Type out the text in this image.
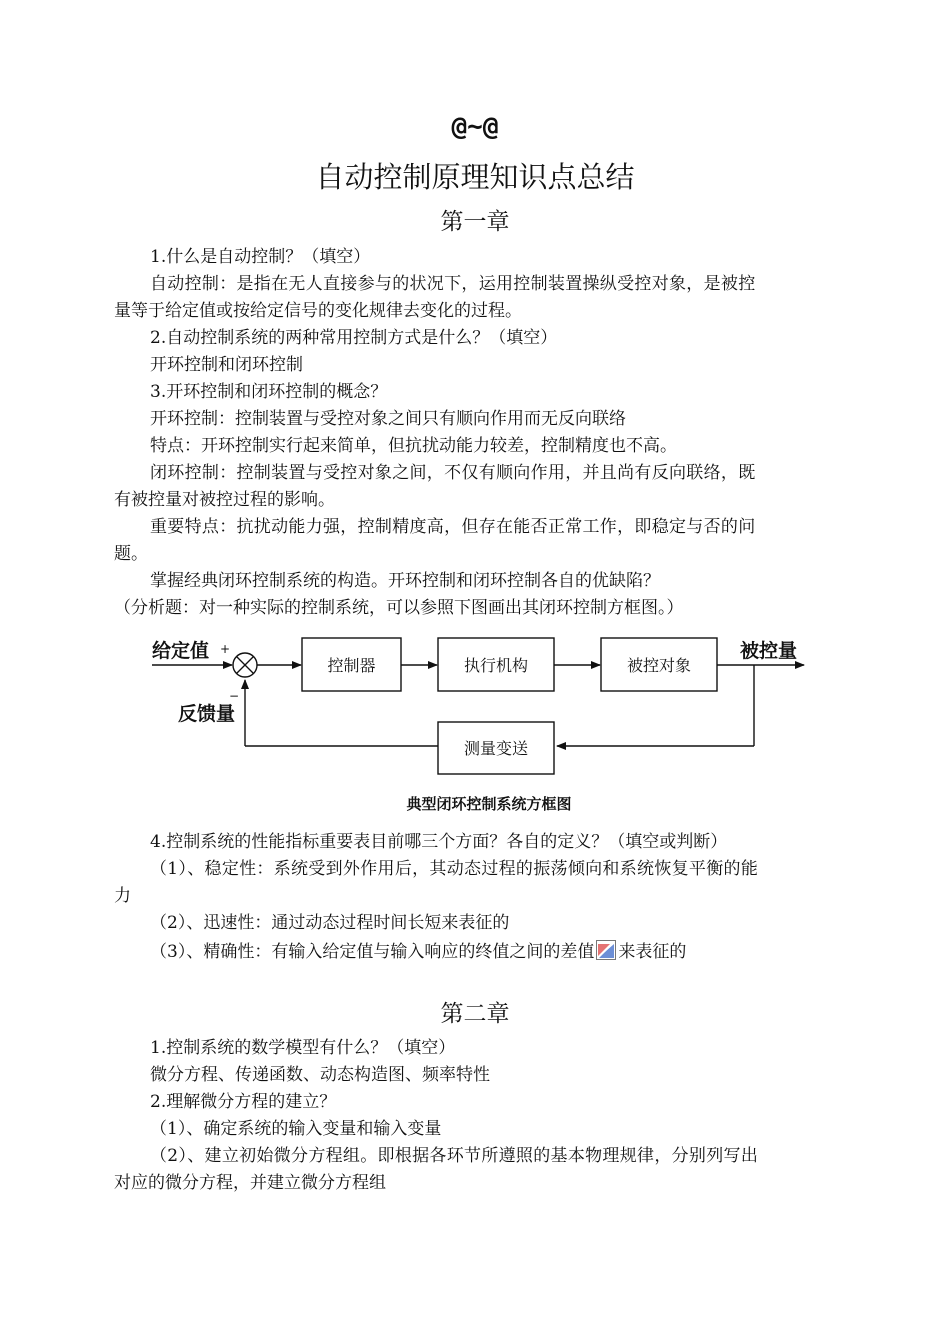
@~@
自动控制原理知识点总结
第一章
1.什么是自动控制？（填空）
自动控制：是指在无人直接参与的状况下，运用控制装置操纵受控对象，是被控
量等于给定值或按给定信号的变化规律去变化的过程。
2.自动控制系统的两种常用控制方式是什么？（填空）
开环控制和闭环控制
3.开环控制和闭环控制的概念？
开环控制：控制装置与受控对象之间只有顺向作用而无反向联络
特点：开环控制实行起来简单，但抗扰动能力较差，控制精度也不高。
闭环控制：控制装置与受控对象之间，不仅有顺向作用，并且尚有反向联络，既
有被控量对被控过程的影响。
重要特点：抗扰动能力强，控制精度高，但存在能否正常工作，即稳定与否的问
题。
掌握经典闭环控制系统的构造。开环控制和闭环控制各自的优缺陷？
（分析题：对一种实际的控制系统，可以参照下图画出其闭环控制方框图。）
给定值 +
−
控制器	执行机构	被控对象
被控量
测量变送
反馈量
典型闭环控制系统方框图
4.控制系统的性能指标重要表目前哪三个方面？各自的定义？（填空或判断）
（1）、稳定性：系统受到外作用后，其动态过程的振荡倾向和系统恢复平衡的能
力
（2）、迅速性：通过动态过程时间长短来表征的
（3）、精确性：有输入给定值与输入响应的终值之间的差值 来表征的
第二章
1.控制系统的数学模型有什么？（填空）
微分方程、传递函数、动态构造图、频率特性
2.理解微分方程的建立？
（1）、确定系统的输入变量和输入变量
（2）、建立初始微分方程组。即根据各环节所遵照的基本物理规律，分别列写出
对应的微分方程，并建立微分方程组
